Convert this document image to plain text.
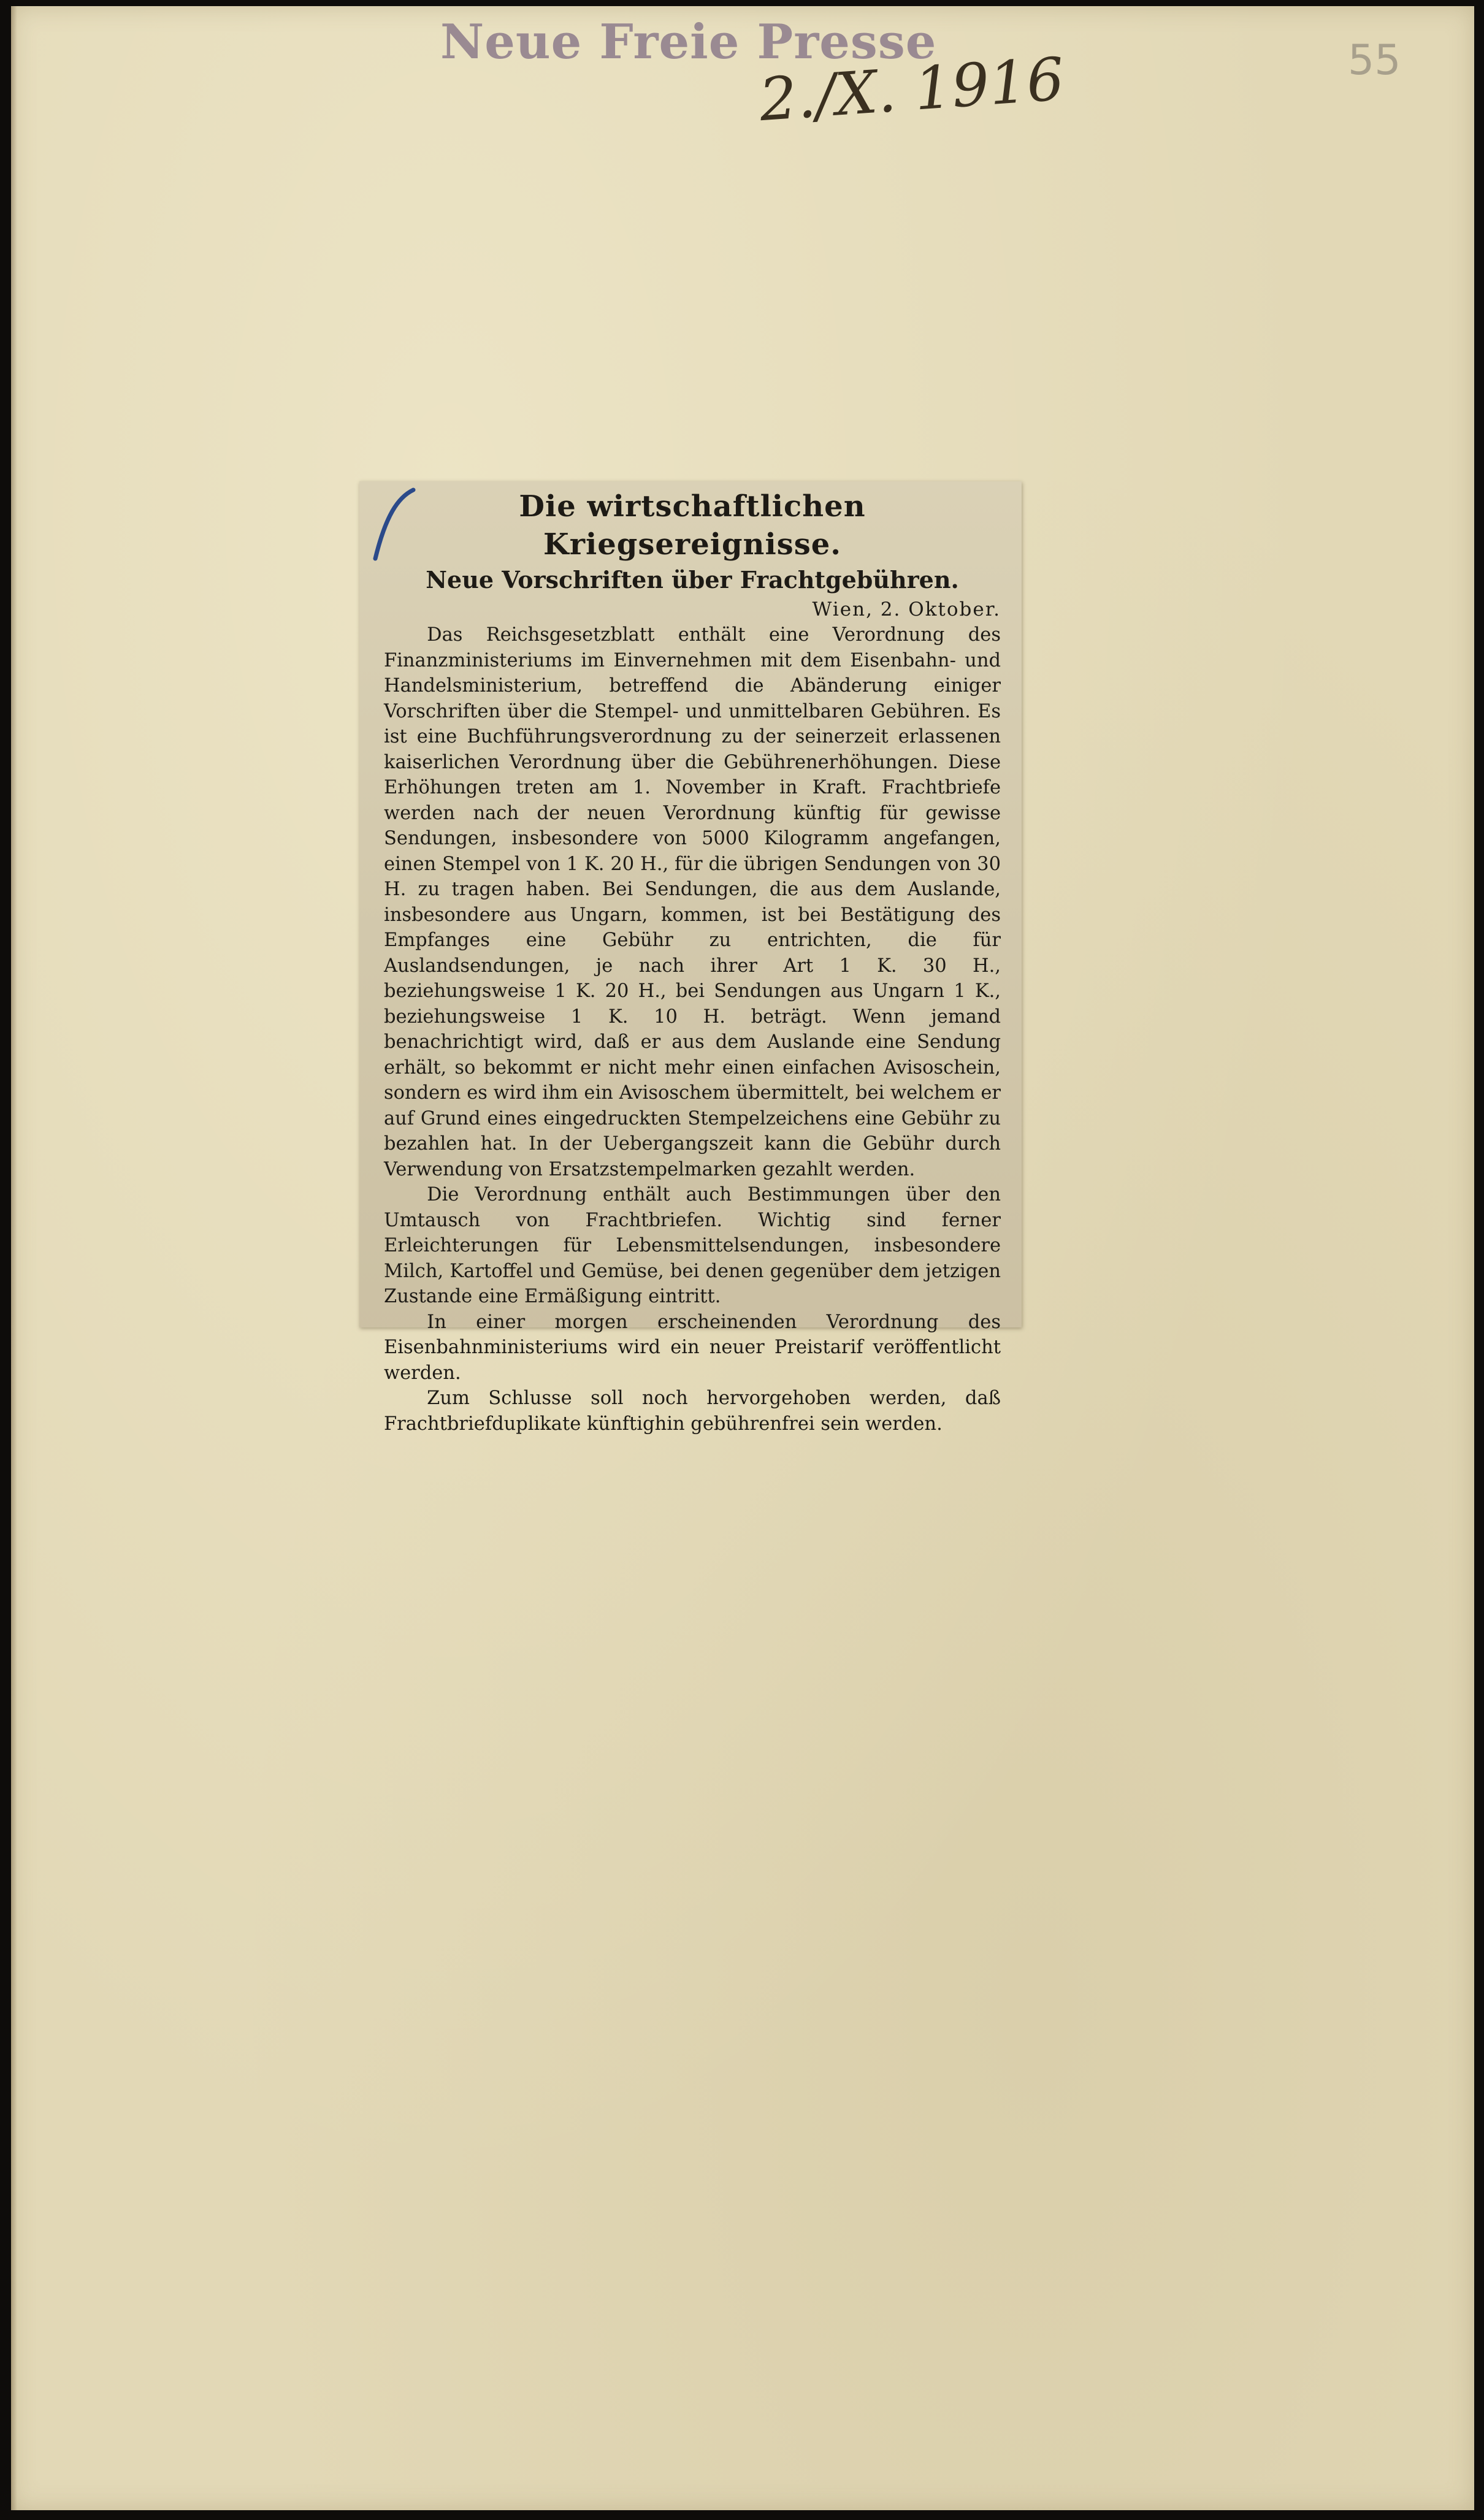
Neue Freie Presse
2./X. 1916	55
Die wirtschaftlichen Kriegsereignisse.
Neue Vorschriften über Frachtgebühren.
Wien, 2. Oktober.

Das Reichsgesetzblatt enthält eine Verordnung des Finanzministeriums im Einvernehmen mit dem Eisenbahn- und Handelsministerium, betreffend die Abänderung einiger Vorschriften über die Stempel- und unmittelbaren Gebühren. Es ist eine Buchführungsverordnung zu der seinerzeit erlassenen kaiserlichen Verordnung über die Gebührenerhöhungen. Diese Erhöhungen treten am 1. November in Kraft. Frachtbriefe werden nach der neuen Verordnung künftig für gewisse Sendungen, insbesondere von 5000 Kilogramm angefangen, einen Stempel von 1 K. 20 H., für die übrigen Sendungen von 30 H. zu tragen haben. Bei Sendungen, die aus dem Auslande, insbesondere aus Ungarn, kommen, ist bei Bestätigung des Empfanges eine Gebühr zu entrichten, die für Auslandsendungen, je nach ihrer Art 1 K. 30 H., beziehungsweise 1 K. 20 H., bei Sendungen aus Ungarn 1 K., beziehungsweise 1 K. 10 H. beträgt. Wenn jemand benachrichtigt wird, daß er aus dem Auslande eine Sendung erhält, so bekommt er nicht mehr einen einfachen Avisoschein, sondern es wird ihm ein Avisoschem übermittelt, bei welchem er auf Grund eines eingedruckten Stempelzeichens eine Gebühr zu bezahlen hat. In der Uebergangszeit kann die Gebühr durch Verwendung von Ersatzstempelmarken gezahlt werden.

Die Verordnung enthält auch Bestimmungen über den Umtausch von Frachtbriefen. Wichtig sind ferner Erleichterungen für Lebensmittelsendungen, insbesondere Milch, Kartoffel und Gemüse, bei denen gegenüber dem jetzigen Zustande eine Ermäßigung eintritt.

In einer morgen erscheinenden Verordnung des Eisenbahnministeriums wird ein neuer Preistarif veröffentlicht werden.

Zum Schlusse soll noch hervorgehoben werden, daß Frachtbriefduplikate künftighin gebührenfrei sein werden.
